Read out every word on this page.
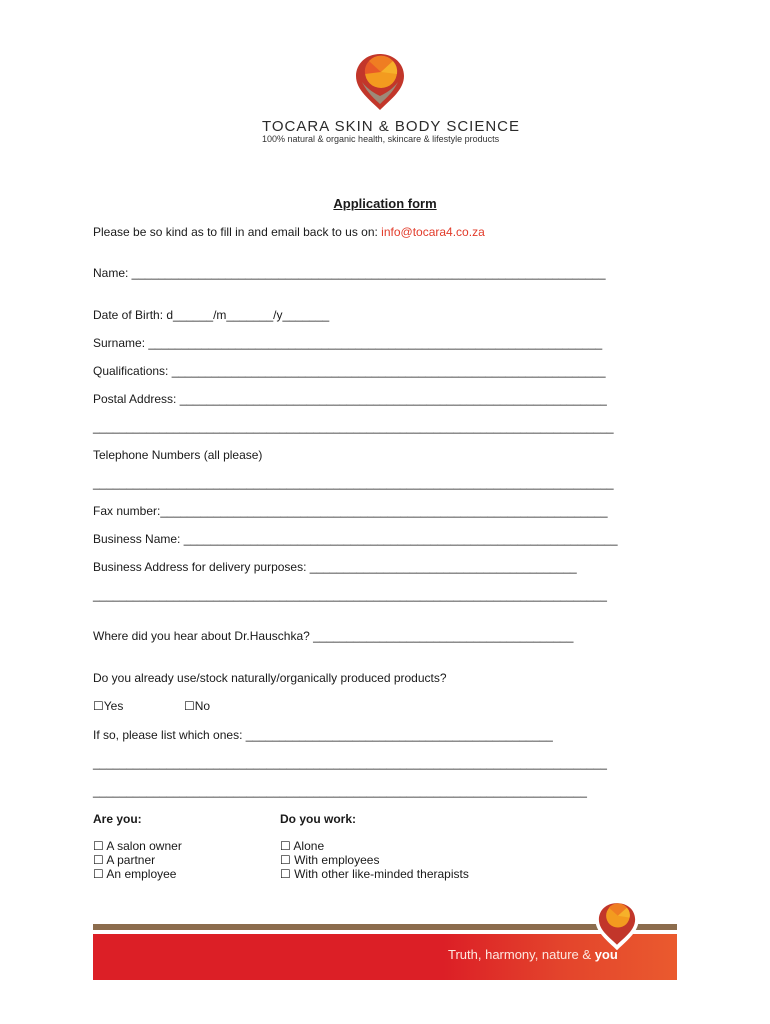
TOCARA SKIN & BODY SCIENCE
100% natural & organic health, skincare & lifestyle products
Application form
Please be so kind as to fill in and email back to us on: info@tocara4.co.za
Name: _______________________________________________________________________
Date of Birth: d______/m_______/y_______
Surname: ____________________________________________________________________
Qualifications: _________________________________________________________________
Postal Address: ________________________________________________________________
______________________________________________________________________________
Telephone Numbers (all please)
______________________________________________________________________________
Fax number:___________________________________________________________________
Business Name: _________________________________________________________________
Business Address for delivery purposes: ________________________________________
_____________________________________________________________________________
Where did you hear about Dr.Hauschka? _______________________________________
Do you already use/stock naturally/organically produced products?
☐Yes	☐No
If so, please list which ones: ______________________________________________
_____________________________________________________________________________
__________________________________________________________________________
Are you:
☐ A salon owner
☐ A partner
☐ An employee
Do you work:
☐ Alone
☐ With employees
☐ With other like-minded therapists
Truth, harmony, nature & you
